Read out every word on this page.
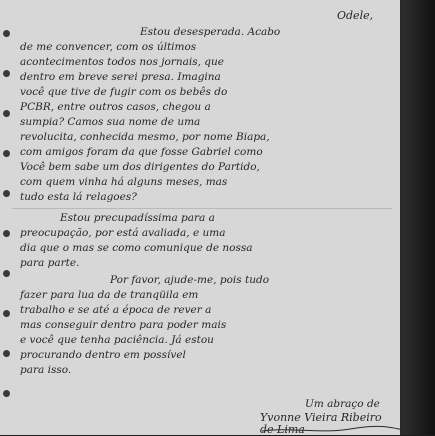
Odele,
Estou desesperada. Acabo
de me convencer, com os últimos
acontecimentos todos nos jornais, que
dentro em breve serei presa. Imagina
você que tive de fugir com os bebês do
PCBR, entre outros casos, chegou a
sumpia? Camos sua nome de uma
revolucita, conhecida mesmo, por nome Biapa,
com amigos foram da que fosse Gabriel como
Você bem sabe um dos dirigentes do Partido,
com quem vinha há alguns meses, mas
tudo esta lá relagoes?
Estou precupadíssima para a
preocupação, por está avaliada, e uma
dia que o mas se como comunique de nossa
para parte.
Por favor, ajude-me, pois tudo
fazer para lua da de tranqüila em
trabalho e se até a época de rever a
mas conseguir dentro para poder mais
e você que tenha paciência. Já estou
procurando dentro em possível
para isso.
Um abraço de
Yvonne Vieira Ribeiro de Lima
